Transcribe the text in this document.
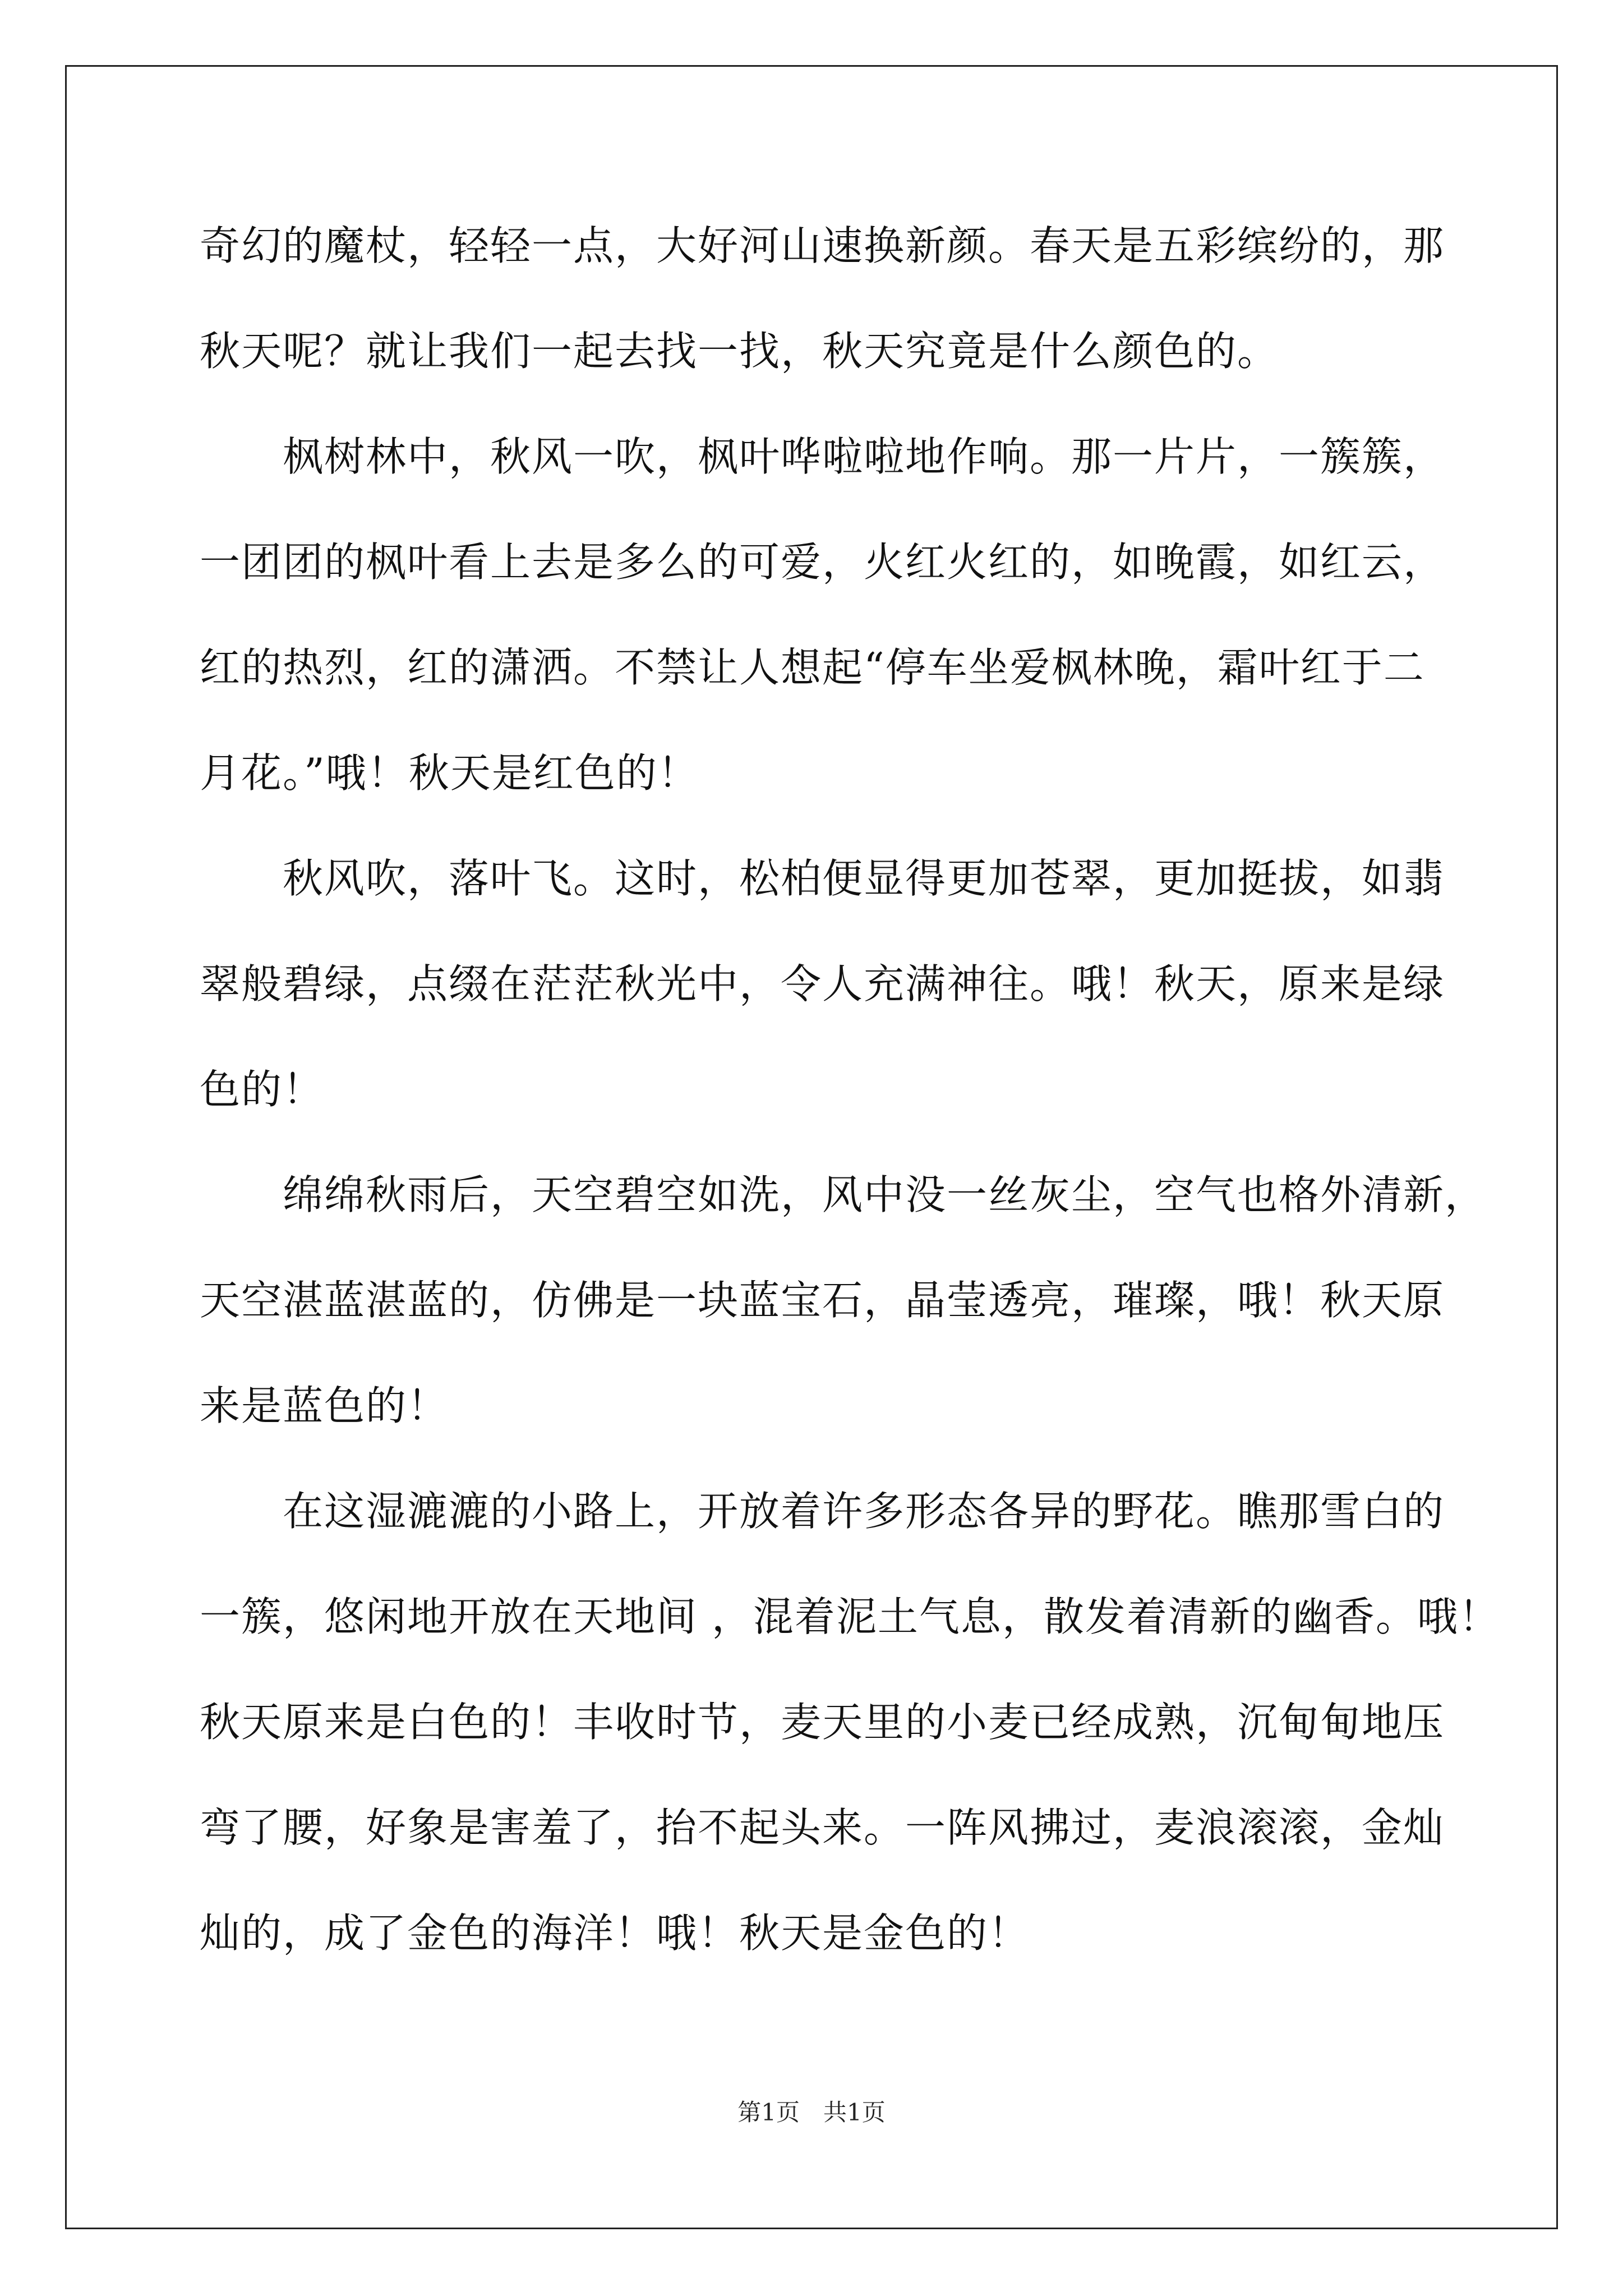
奇幻的魔杖，轻轻一点，大好河山速换新颜。春天是五彩缤纷的，那
秋天呢？就让我们一起去找一找，秋天究竟是什么颜色的。
枫树林中，秋风一吹，枫叶哗啦啦地作响。那一片片，一簇簇，
一团团的枫叶看上去是多么的可爱，火红火红的，如晚霞，如红云，
红的热烈，红的潇洒。不禁让人想起“停车坐爱枫林晚，霜叶红于二
月花。”哦！秋天是红色的！
秋风吹，落叶飞。这时，松柏便显得更加苍翠，更加挺拔，如翡
翠般碧绿，点缀在茫茫秋光中，令人充满神往。哦！秋天，原来是绿
色的！
绵绵秋雨后，天空碧空如洗，风中没一丝灰尘，空气也格外清新，
天空湛蓝湛蓝的，仿佛是一块蓝宝石，晶莹透亮，璀璨，哦！秋天原
来是蓝色的！
在这湿漉漉的小路上，开放着许多形态各异的野花。瞧那雪白的
一簇，悠闲地开放在天地间 ，混着泥土气息，散发着清新的幽香。哦！
秋天原来是白色的！丰收时节，麦天里的小麦已经成熟，沉甸甸地压
弯了腰，好象是害羞了，抬不起头来。一阵风拂过，麦浪滚滚，金灿
灿的，成了金色的海洋！哦！秋天是金色的！
第1页　共1页
